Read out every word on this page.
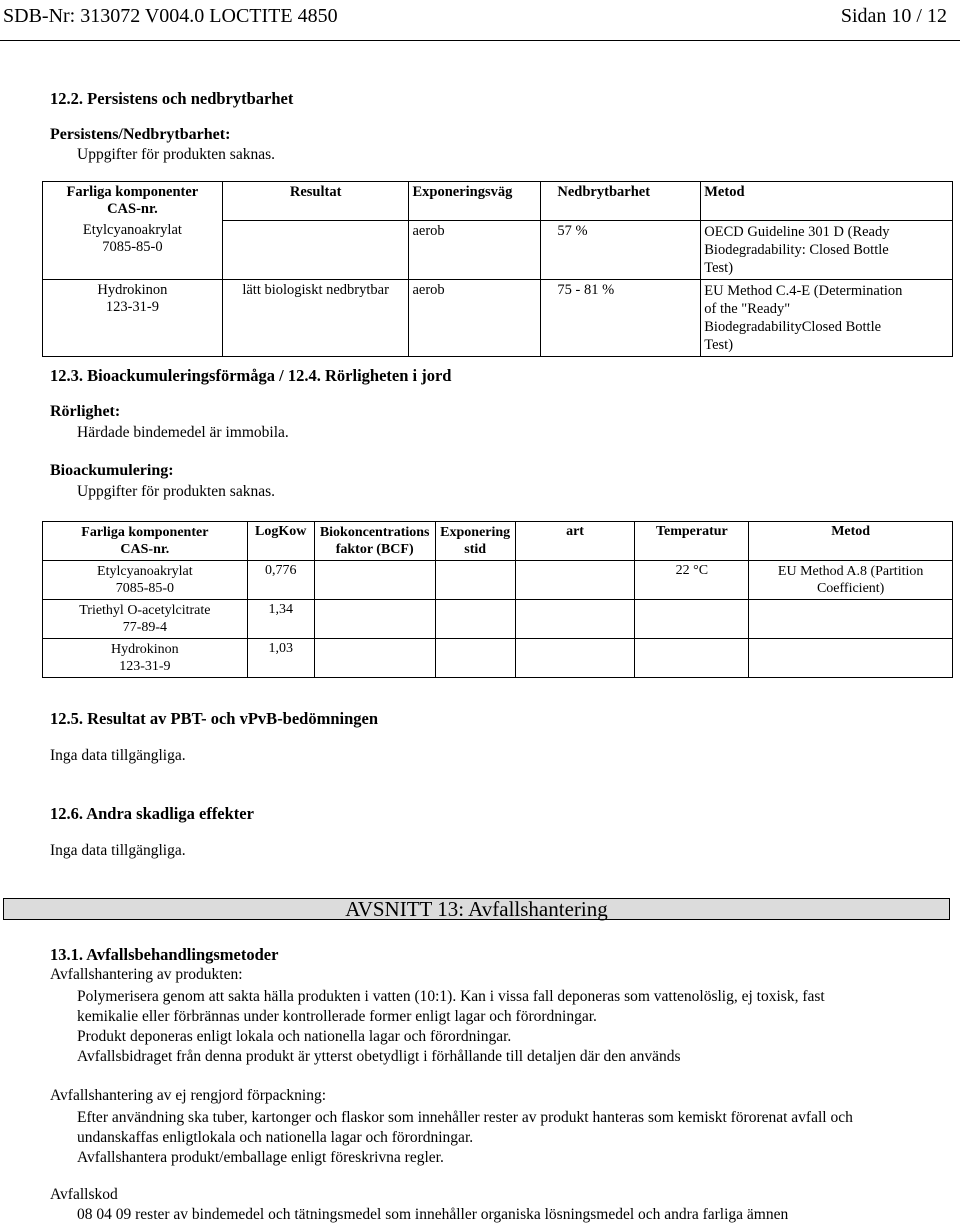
SDB-Nr: 313072 V004.0 LOCTITE 4850	Sidan 10 / 12
12.2. Persistens och nedbrytbarhet
Persistens/Nedbrytbarhet:
Uppgifter för produkten saknas.
Farliga komponenter
CAS-nr.	Resultat	Exponeringsväg	Nedbrytbarhet	Metod
Etylcyanoakrylat
7085-85-0		aerob	57 %	OECD Guideline 301 D (Ready
Biodegradability: Closed Bottle
Test)
Hydrokinon
123-31-9	lätt biologiskt nedbrytbar	aerob	75 - 81 %	EU Method C.4-E (Determination
of the "Ready"
BiodegradabilityClosed Bottle
Test)
12.3. Bioackumuleringsförmåga / 12.4. Rörligheten i jord
Rörlighet:
Härdade bindemedel är immobila.
Bioackumulering:
Uppgifter för produkten saknas.
Farliga komponenter
CAS-nr.	LogKow	Biokoncentrations
faktor (BCF)	Exponering
stid	art	Temperatur	Metod
Etylcyanoakrylat
7085-85-0	0,776				22 °C	EU Method A.8 (Partition
Coefficient)
Triethyl O-acetylcitrate
77-89-4	1,34					
Hydrokinon
123-31-9	1,03					
12.5. Resultat av PBT- och vPvB-bedömningen
Inga data tillgängliga.
12.6. Andra skadliga effekter
Inga data tillgängliga.
AVSNITT 13: Avfallshantering
13.1. Avfallsbehandlingsmetoder
Avfallshantering av produkten:
Polymerisera genom att sakta hälla produkten i vatten (10:1). Kan i vissa fall deponeras som vattenolöslig, ej toxisk, fast
kemikalie eller förbrännas under kontrollerade former enligt lagar och förordningar.
Produkt deponeras enligt lokala och nationella lagar och förordningar.
Avfallsbidraget från denna produkt är ytterst obetydligt i förhållande till detaljen där den används
Avfallshantering av ej rengjord förpackning:
Efter användning ska tuber, kartonger och flaskor som innehåller rester av produkt hanteras som kemiskt förorenat avfall och
undanskaffas enligtlokala och nationella lagar och förordningar.
Avfallshantera produkt/emballage enligt föreskrivna regler.
Avfallskod
08 04 09 rester av bindemedel och tätningsmedel som innehåller organiska lösningsmedel och andra farliga ämnen
